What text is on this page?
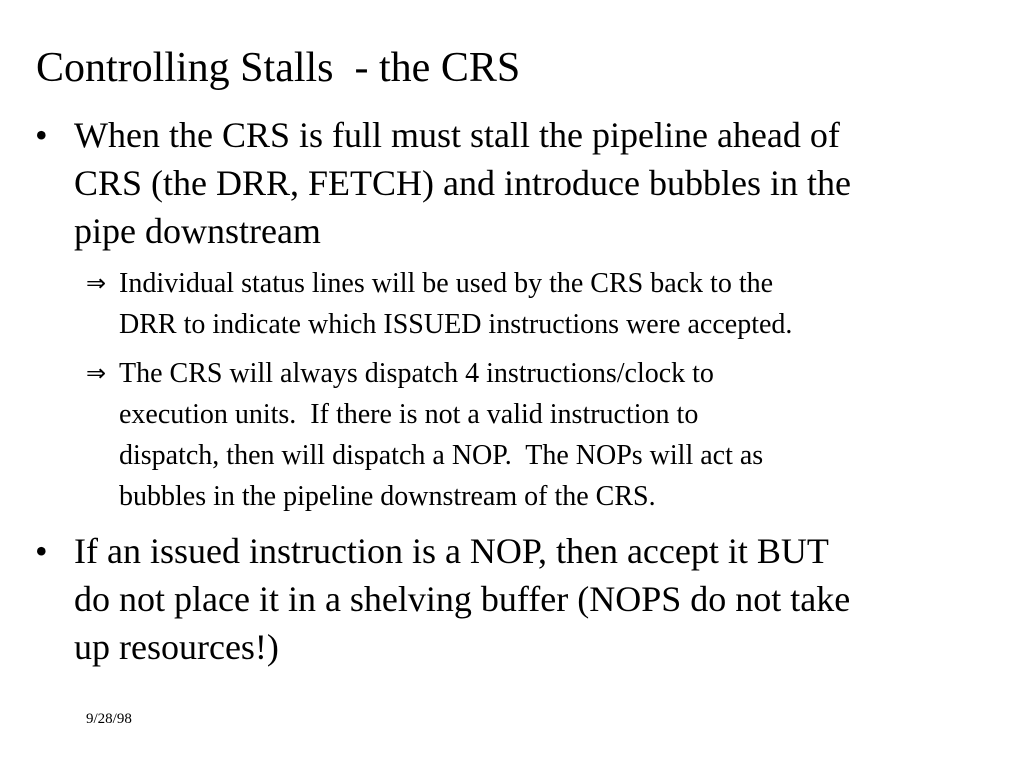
Controlling Stalls  - the CRS
• When the CRS is full must stall the pipeline ahead of
CRS (the DRR, FETCH) and introduce bubbles in the
pipe downstream
⇒ Individual status lines will be used by the CRS back to the
DRR to indicate which ISSUED instructions were accepted.
⇒ The CRS will always dispatch 4 instructions/clock to
execution units.  If there is not a valid instruction to
dispatch, then will dispatch a NOP.  The NOPs will act as
bubbles in the pipeline downstream of the CRS.
• If an issued instruction is a NOP, then accept it BUT
do not place it in a shelving buffer (NOPS do not take
up resources!)
9/28/98
